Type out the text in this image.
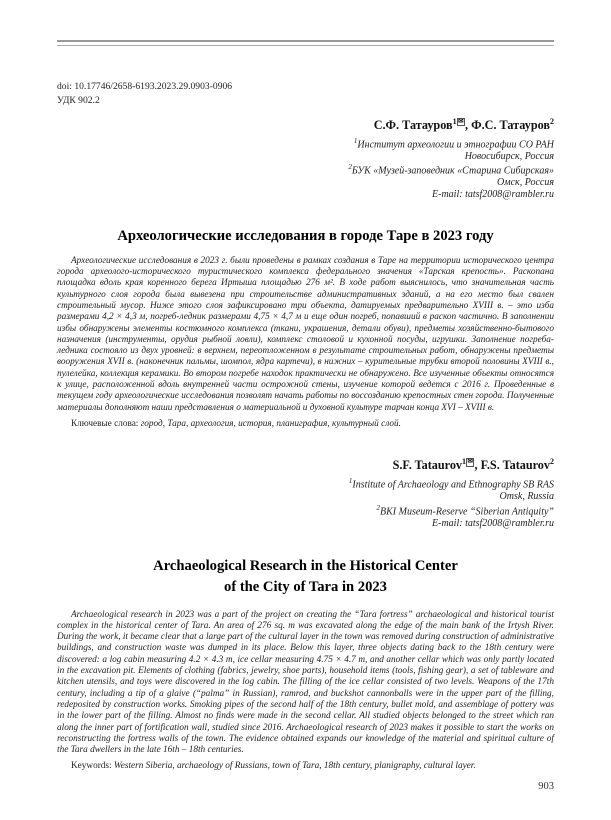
doi: 10.17746/2658-6193.2023.29.0903-0906
УДК 902.2
С.Ф. Татауров$^{1 ✉}$ , Ф.С. Татауров$^2$
$^1$Институт археологии и этнографии СО РАН
Новосибирск, Россия
$^2$БУК «Музей-заповедник «Старина Сибирская»
Омск, Россия
E-mail: tatsf2008@rambler.ru
Археологические исследования в городе Таре в 2023 году
Археологические исследования в 2023 г. были проведены в рамках создания в Таре на территории исторического центра города археолого-исторического туристического комплекса федерального значения «Тарская крепость». Раскопана площадка вдоль края коренного берега Иртыша площадью 276 м². В ходе работ выяснилось, что значительная часть культурного слоя города была вывезена при строительстве административных зданий, а на его место был свален строительный мусор. Ниже этого слоя зафиксировано три объекта, датируемых предварительно XVIII в. – это изба размерами 4,2 × 4,3 м, погреб-ледник размерами 4,75 × 4,7 м и еще один погреб, попавший в раскоп частично. В заполнении избы обнаружены элементы костюмного комплекса (ткани, украшения, детали обуви), предметы хозяйственно-бытового назначения (инструменты, орудия рыбной ловли), комплекс столовой и кухонной посуды, игрушки. Заполнение погреба-ледника состояло из двух уровней: в верхнем, переотложенном в результате строительных работ, обнаружены предметы вооружения XVII в. (наконечник пальмы, шомпол, ядра картечи), в нижних – курительные трубки второй половины XVIII в., пулелейка, коллекция керамики. Во втором погребе находок практически не обнаружено. Все изученные объекты относятся к улице, расположенной вдоль внутренней части острожной стены, изучение которой ведется с 2016 г. Проведенные в текущем году археологические исследования позволят начать работы по воссозданию крепостных стен города. Полученные материалы дополняют наши представления о материальной и духовной культуре тарчан конца XVI – XVIII в.
Ключевые слова: город, Тара, археология, история, планиграфия, культурный слой.
S.F. Tataurov$^{1 ✉}$ , F.S. Tataurov$^2$
$^1$Institute of Archaeology and Ethnography SB RAS
Omsk, Russia
$^2$BKI Museum-Reserve “Siberian Antiquity”
E-mail: tatsf2008@rambler.ru
Archaeological Research in the Historical Center
of the City of Tara in 2023
Archaeological research in 2023 was a part of the project on creating the “Tara fortress” archaeological and historical tourist complex in the historical center of Tara. An area of 276 sq. m was excavated along the edge of the main bank of the Irtysh River. During the work, it became clear that a large part of the cultural layer in the town was removed during construction of administrative buildings, and construction waste was dumped in its place. Below this layer, three objects dating back to the 18th century were discovered: a log cabin measuring 4.2 × 4.3 m, ice cellar measuring 4.75 × 4.7 m, and another cellar which was only partly located in the excavation pit. Elements of clothing (fabrics, jewelry, shoe parts), household items (tools, fishing gear), a set of tableware and kitchen utensils, and toys were discovered in the log cabin. The filling of the ice cellar consisted of two levels. Weapons of the 17th century, including a tip of a glaive (“palma” in Russian), ramrod, and buckshot cannonballs were in the upper part of the filling, redeposited by construction works. Smoking pipes of the second half of the 18th century, bullet mold, and assemblage of pottery was in the lower part of the filling. Almost no finds were made in the second cellar. All studied objects belonged to the street which ran along the inner part of fortification wall, studied since 2016. Archaeological research of 2023 makes it possible to start the works on reconstructing the fortress walls of the town. The evidence obtained expands our knowledge of the material and spiritual culture of the Tara dwellers in the late 16th – 18th centuries.
Keywords: Western Siberia, archaeology of Russians, town of Tara, 18th century, planigraphy, cultural layer.
903
